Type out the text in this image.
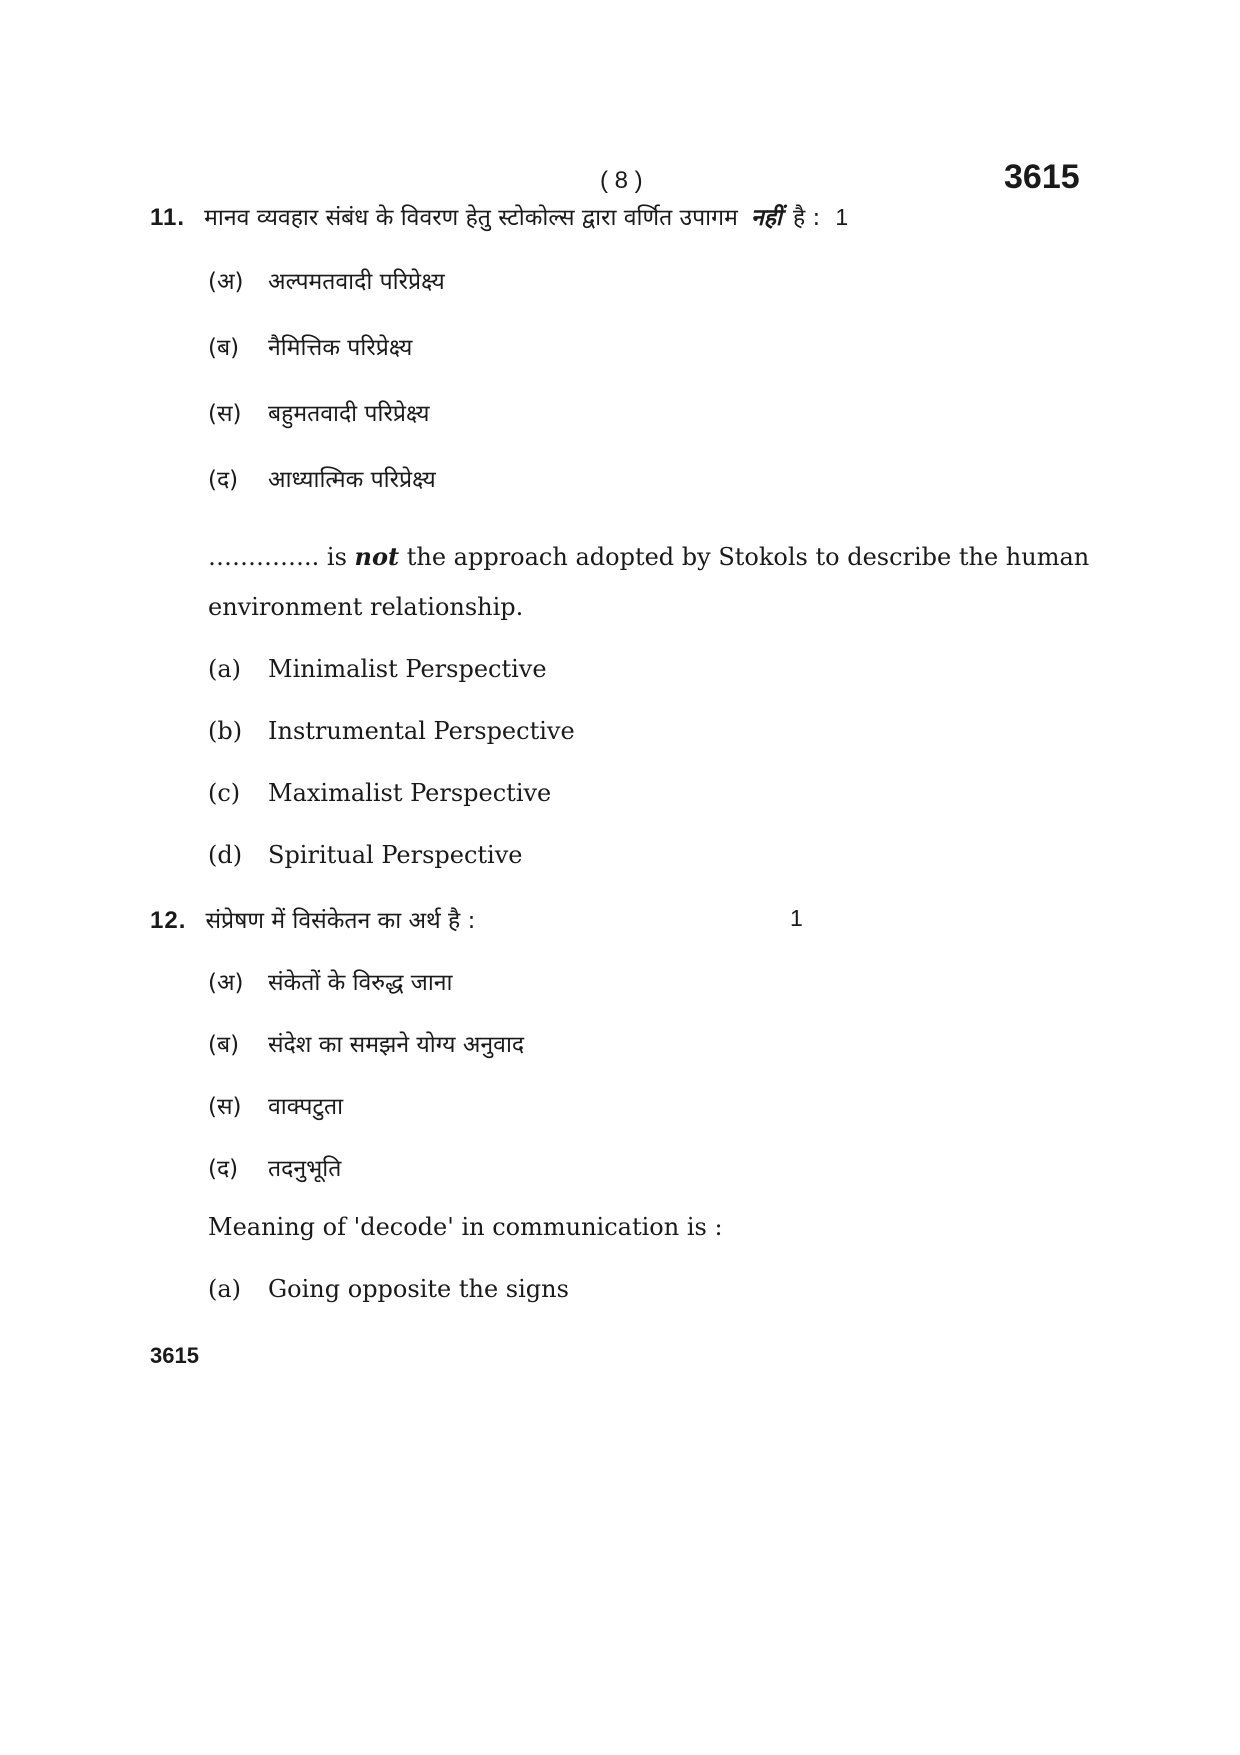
( 8 )	3615
11. मानव व्यवहार संबंध के विवरण हेतु स्टोकोल्स द्वारा वर्णित उपागम नहीं है : 1
(अ) अल्पमतवादी परिप्रेक्ष्य
(ब) नैमित्तिक परिप्रेक्ष्य
(स) बहुमतवादी परिप्रेक्ष्य
(द) आध्यात्मिक परिप्रेक्ष्य
………….. is not the approach adopted by Stokols to describe the human
environment relationship.
(a) Minimalist Perspective
(b) Instrumental Perspective
(c) Maximalist Perspective
(d) Spiritual Perspective
12. संप्रेषण में विसंकेतन का अर्थ है :	1
(अ) संकेतों के विरुद्ध जाना
(ब) संदेश का समझने योग्य अनुवाद
(स) वाक्पटुता
(द) तदनुभूति
Meaning of 'decode' in communication is :
(a) Going opposite the signs
3615
